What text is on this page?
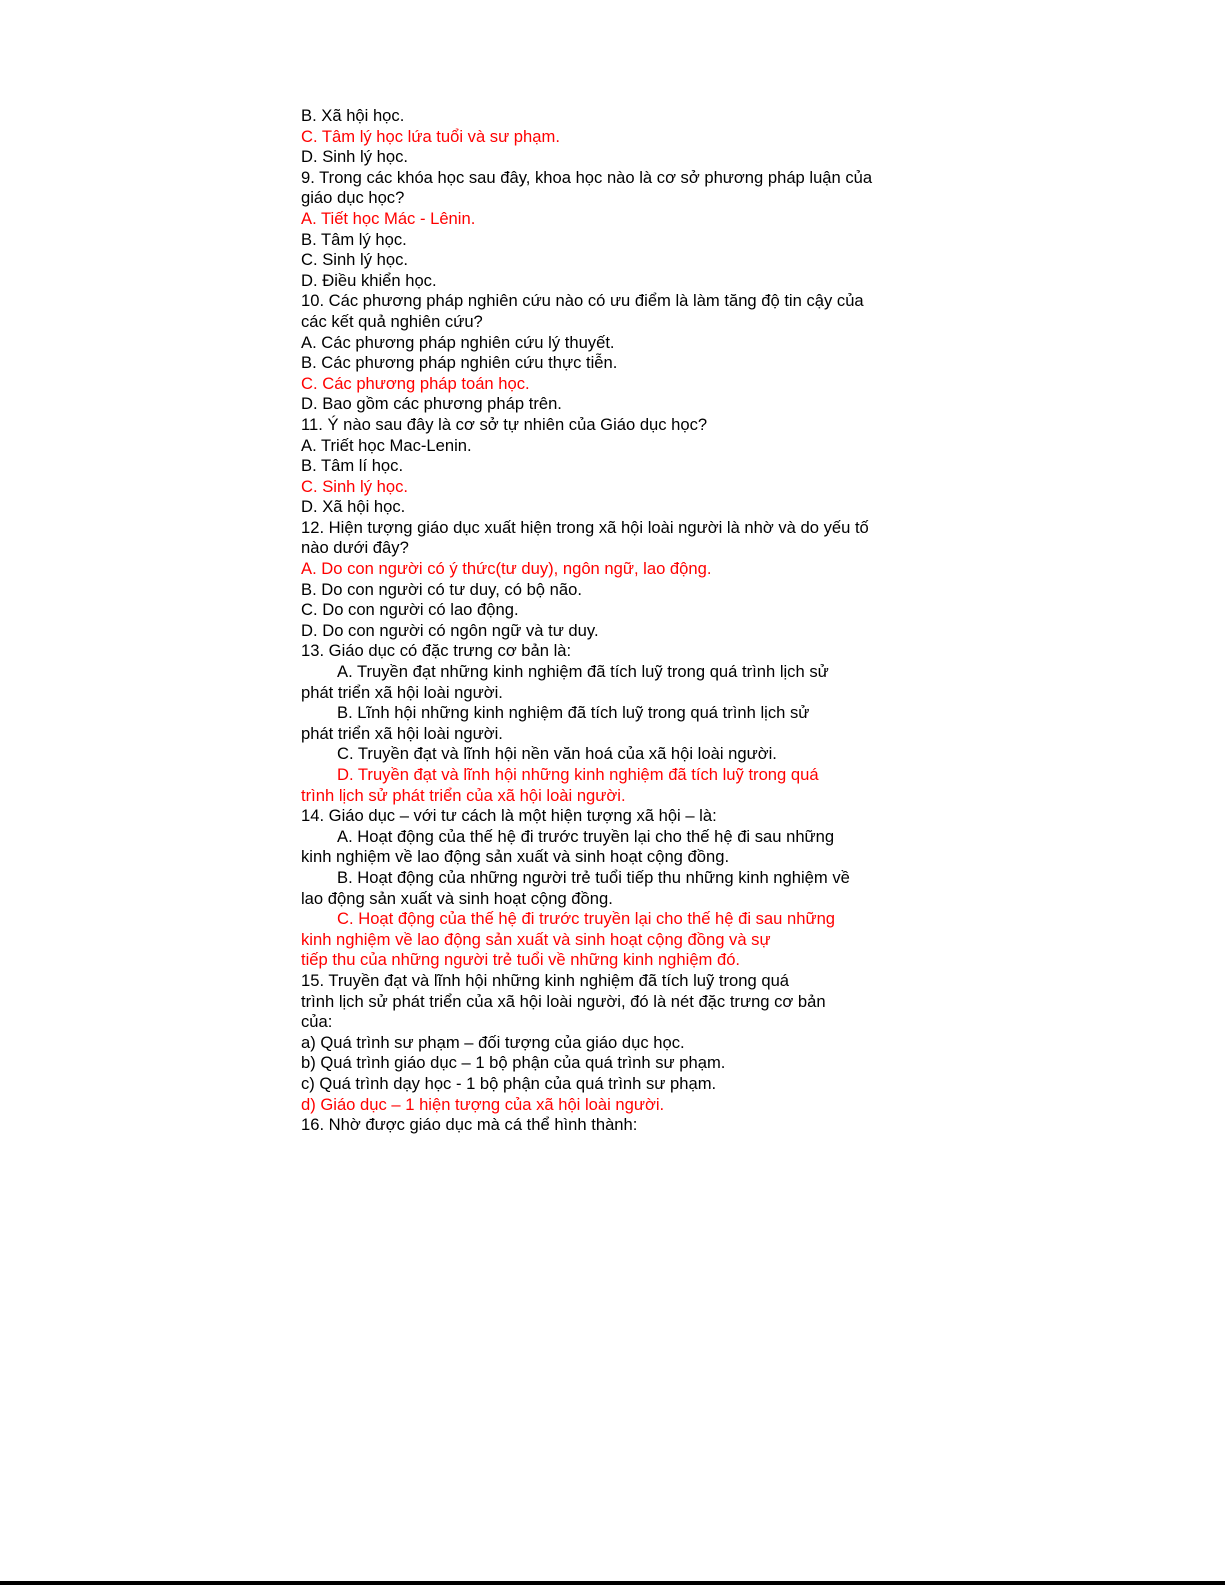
B. Xã hội học.
C. Tâm lý học lứa tuổi và sư phạm.
D. Sinh lý học.
9. Trong các khóa học sau đây, khoa học nào là cơ sở phương pháp luận của
giáo dục học?
A. Tiết học Mác - Lênin.
B. Tâm lý học.
C. Sinh lý học.
D. Điều khiển học.
10. Các phương pháp nghiên cứu nào có ưu điểm là làm tăng độ tin cậy của
các kết quả nghiên cứu?
A. Các phương pháp nghiên cứu lý thuyết.
B. Các phương pháp nghiên cứu thực tiễn.
C. Các phương pháp toán học.
D. Bao gồm các phương pháp trên.
11. Ý nào sau đây là cơ sở tự nhiên của Giáo dục học?
A. Triết học Mac-Lenin.
B. Tâm lí học.
C. Sinh lý học.
D. Xã hội học.
12. Hiện tượng giáo dục xuất hiện trong xã hội loài người là nhờ và do yếu tố
nào dưới đây?
A. Do con người có ý thức(tư duy), ngôn ngữ, lao động.
B. Do con người có tư duy, có bộ não.
C. Do con người có lao động.
D. Do con người có ngôn ngữ và tư duy.
13. Giáo dục có đặc trưng cơ bản là:
A. Truyền đạt những kinh nghiệm đã tích luỹ trong quá trình lịch sử
phát triển xã hội loài người.
B. Lĩnh hội những kinh nghiệm đã tích luỹ trong quá trình lịch sử
phát triển xã hội loài người.
C. Truyền đạt và lĩnh hội nền văn hoá của xã hội loài người.
D. Truyền đạt và lĩnh hội những kinh nghiệm đã tích luỹ trong quá
trình lịch sử phát triển của xã hội loài người.
14. Giáo dục – với tư cách là một hiện tượng xã hội – là:
A. Hoạt động của thế hệ đi trước truyền lại cho thế hệ đi sau những
kinh nghiệm về lao động sản xuất và sinh hoạt cộng đồng.
B. Hoạt động của những người trẻ tuổi tiếp thu những kinh nghiệm về
lao động sản xuất và sinh hoạt cộng đồng.
C. Hoạt động của thế hệ đi trước truyền lại cho thế hệ đi sau những
kinh nghiệm về lao động sản xuất và sinh hoạt cộng đồng và sự
tiếp thu của những người trẻ tuổi về những kinh nghiệm đó.
15. Truyền đạt và lĩnh hội những kinh nghiệm đã tích luỹ trong quá
trình lịch sử phát triển của xã hội loài người, đó là nét đặc trưng cơ bản
của:
a) Quá trình sư phạm – đối tượng của giáo dục học.
b) Quá trình giáo dục – 1 bộ phận của quá trình sư phạm.
c) Quá trình dạy học - 1 bộ phận của quá trình sư phạm.
d) Giáo dục – 1 hiện tượng của xã hội loài người.
16. Nhờ được giáo dục mà cá thể hình thành:
